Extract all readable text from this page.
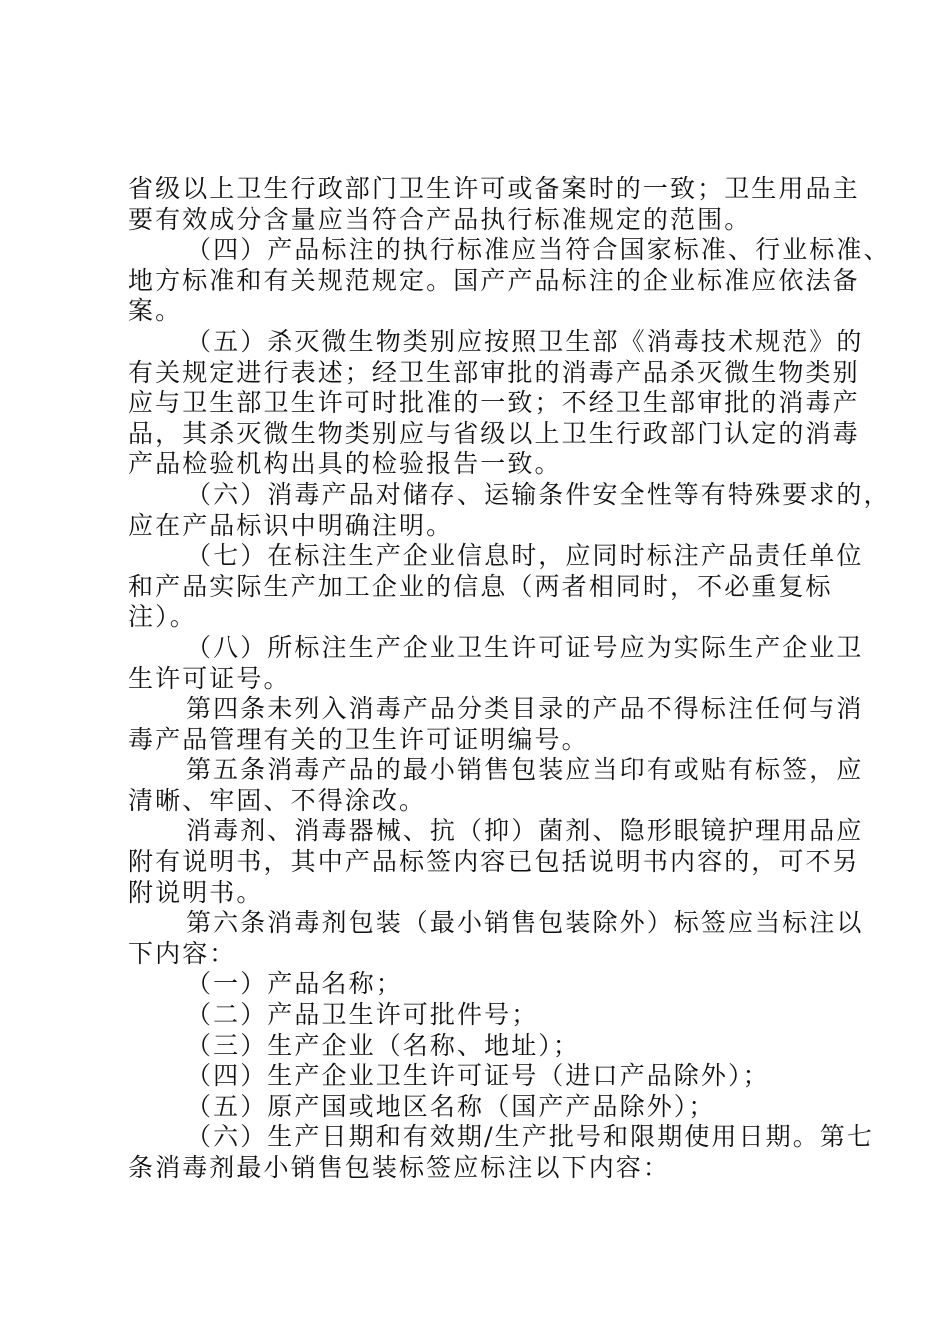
省级以上卫生行政部门卫生许可或备案时的一致；卫生用品主

要有效成分含量应当符合产品执行标准规定的范围。

（四）产品标注的执行标准应当符合国家标准、行业标准、

地方标准和有关规范规定。国产产品标注的企业标准应依法备

案。

（五）杀灭微生物类别应按照卫生部《消毒技术规范》的

有关规定进行表述；经卫生部审批的消毒产品杀灭微生物类别

应与卫生部卫生许可时批准的一致；不经卫生部审批的消毒产

品，其杀灭微生物类别应与省级以上卫生行政部门认定的消毒

产品检验机构出具的检验报告一致。

（六）消毒产品对储存、运输条件安全性等有特殊要求的，

应在产品标识中明确注明。

（七）在标注生产企业信息时，应同时标注产品责任单位

和产品实际生产加工企业的信息（两者相同时，不必重复标

注）。

（八）所标注生产企业卫生许可证号应为实际生产企业卫

生许可证号。

第四条未列入消毒产品分类目录的产品不得标注任何与消

毒产品管理有关的卫生许可证明编号。

第五条消毒产品的最小销售包装应当印有或贴有标签，应

清晰、牢固、不得涂改。

消毒剂、消毒器械、抗（抑）菌剂、隐形眼镜护理用品应

附有说明书，其中产品标签内容已包括说明书内容的，可不另

附说明书。

第六条消毒剂包装（最小销售包装除外）标签应当标注以

下内容：

（一）产品名称；

（二）产品卫生许可批件号；

（三）生产企业（名称、地址）；

（四）生产企业卫生许可证号（进口产品除外）；

（五）原产国或地区名称（国产产品除外）；

（六）生产日期和有效期/生产批号和限期使用日期。第七

条消毒剂最小销售包装标签应标注以下内容：
